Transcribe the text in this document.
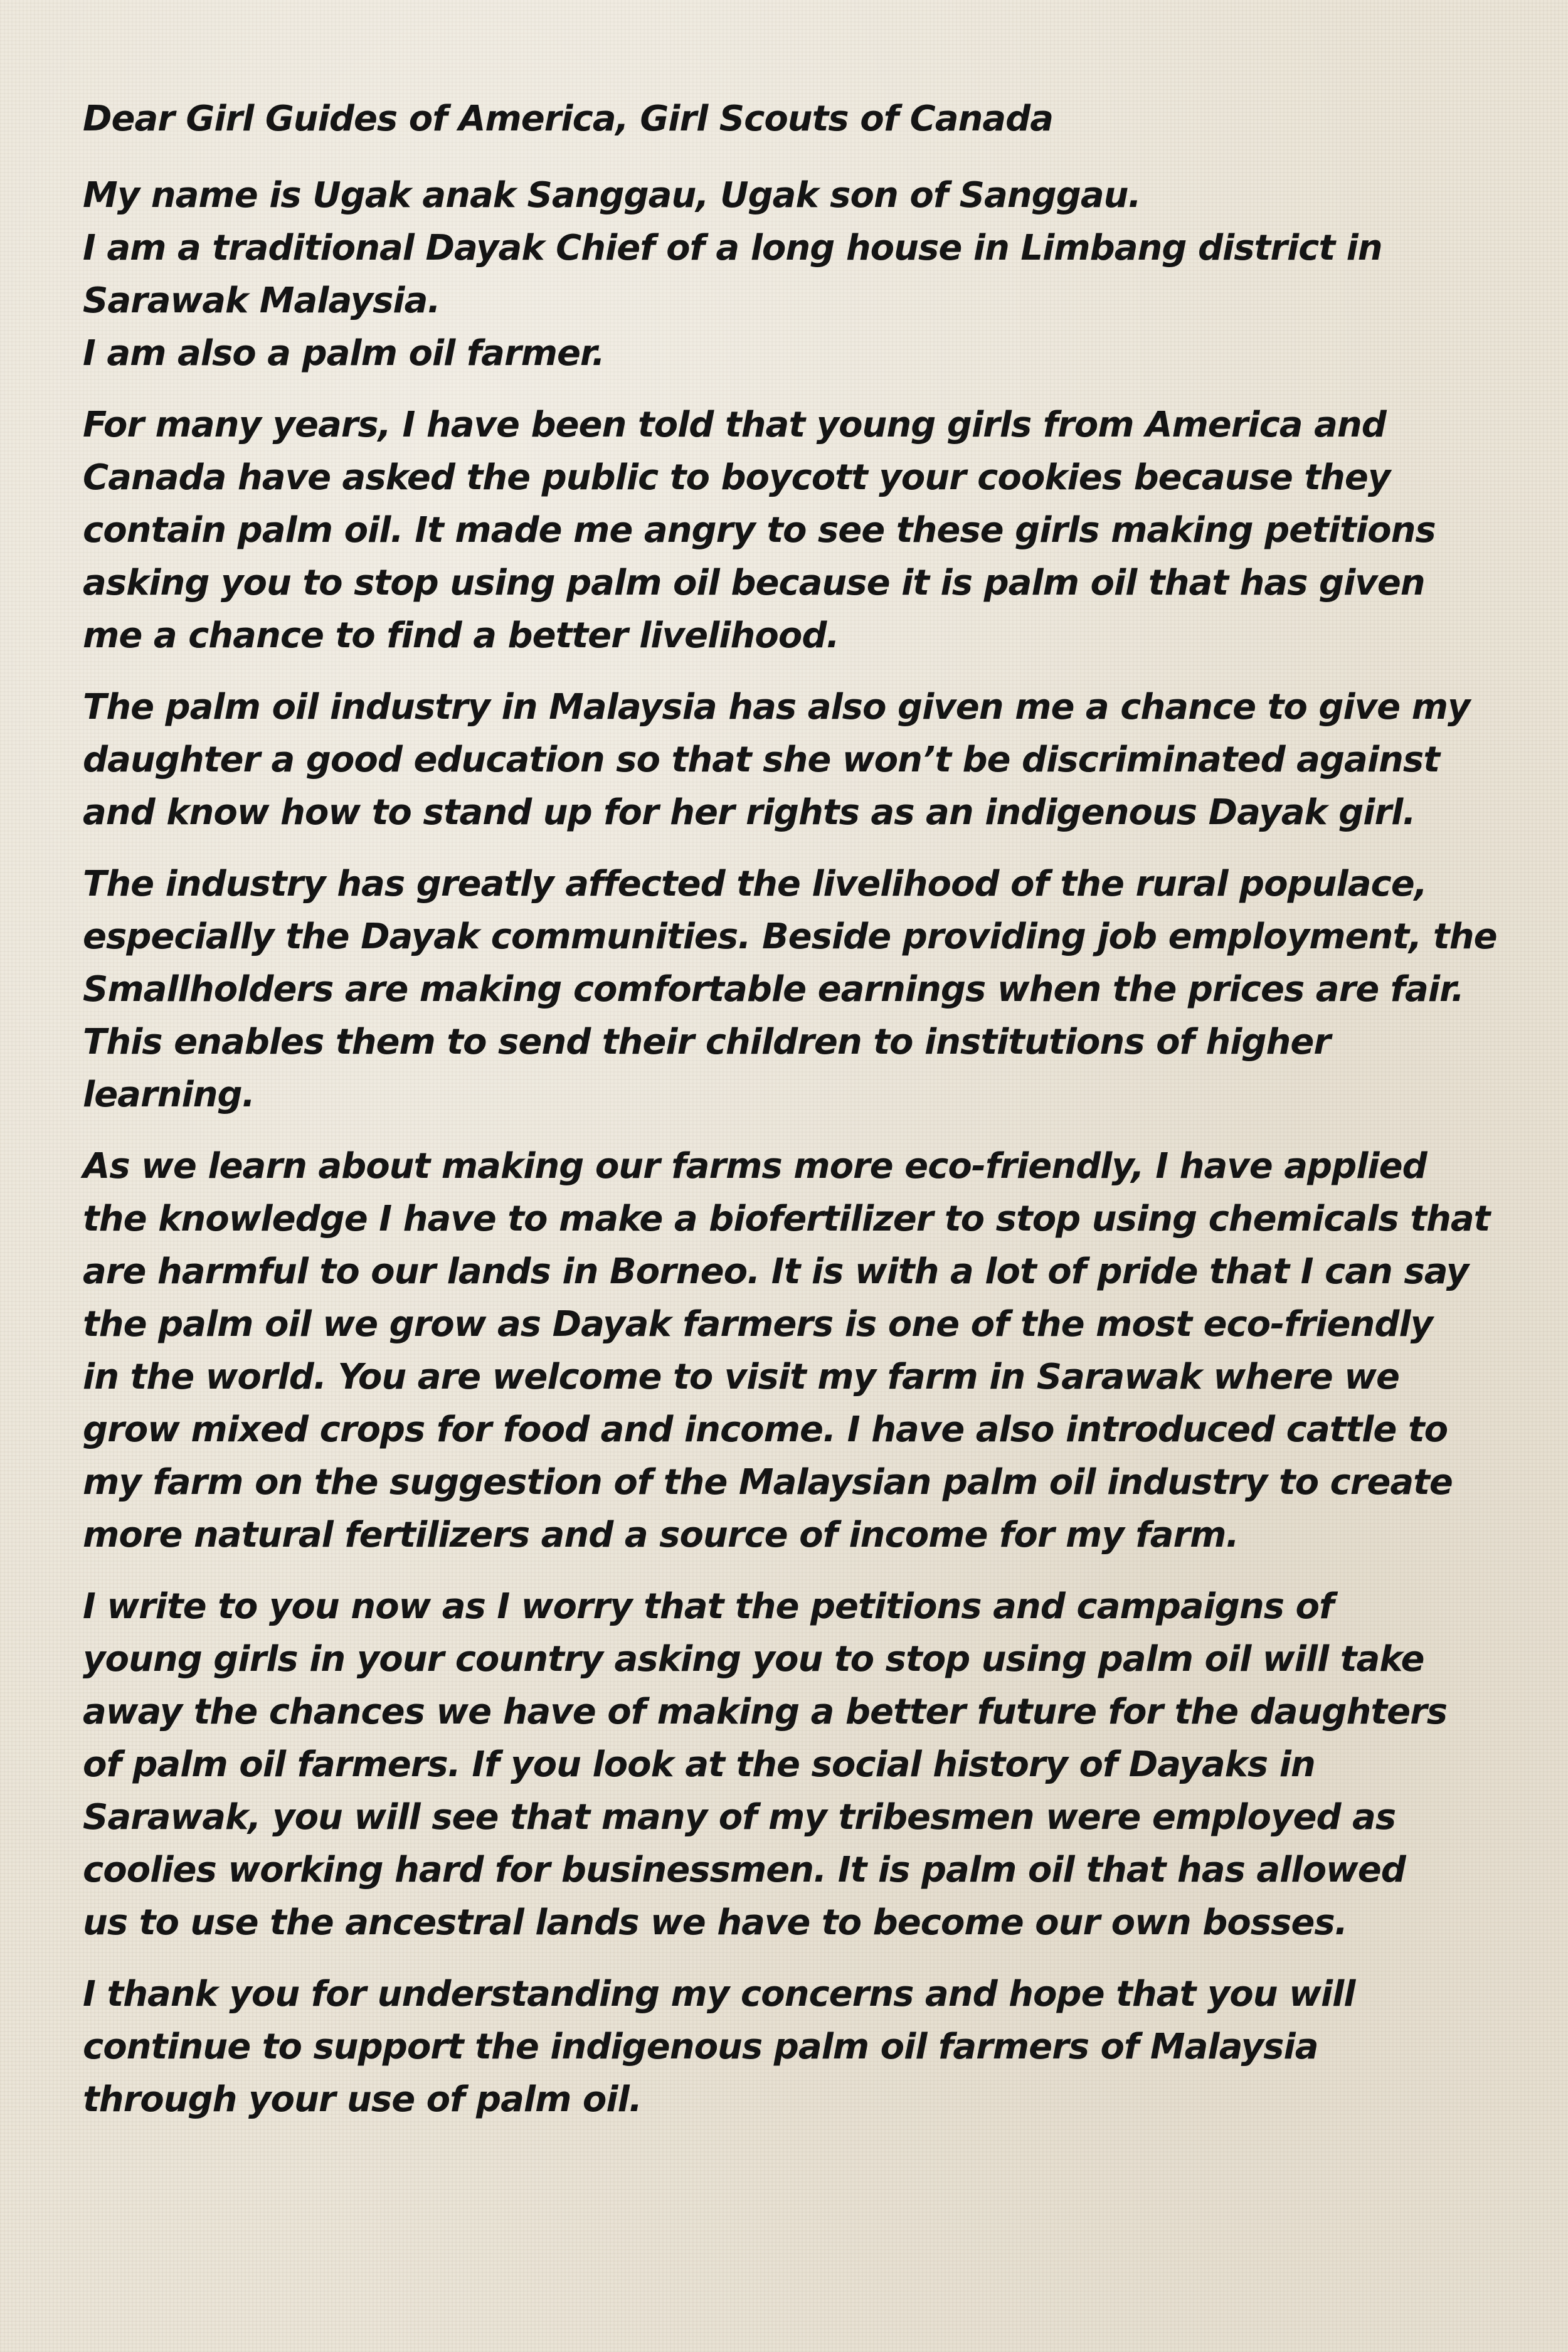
Dear Girl Guides of America, Girl Scouts of Canada

My name is Ugak anak Sanggau, Ugak son of Sanggau.
I am a traditional Dayak Chief of a long house in Limbang district in
Sarawak Malaysia.
I am also a palm oil farmer.

For many years, I have been told that young girls from America and
Canada have asked the public to boycott your cookies because they
contain palm oil. It made me angry to see these girls making petitions
asking you to stop using palm oil because it is palm oil that has given
me a chance to find a better livelihood.

The palm oil industry in Malaysia has also given me a chance to give my
daughter a good education so that she won’t be discriminated against
and know how to stand up for her rights as an indigenous Dayak girl.

The industry has greatly affected the livelihood of the rural populace,
especially the Dayak communities. Beside providing job employment, the
Smallholders are making comfortable earnings when the prices are fair.
This enables them to send their children to institutions of higher
learning.

As we learn about making our farms more eco-friendly, I have applied
the knowledge I have to make a biofertilizer to stop using chemicals that
are harmful to our lands in Borneo. It is with a lot of pride that I can say
the palm oil we grow as Dayak farmers is one of the most eco-friendly
in the world. You are welcome to visit my farm in Sarawak where we
grow mixed crops for food and income. I have also introduced cattle to
my farm on the suggestion of the Malaysian palm oil industry to create
more natural fertilizers and a source of income for my farm.

I write to you now as I worry that the petitions and campaigns of
young girls in your country asking you to stop using palm oil will take
away the chances we have of making a better future for the daughters
of palm oil farmers. If you look at the social history of Dayaks in
Sarawak, you will see that many of my tribesmen were employed as
coolies working hard for businessmen. It is palm oil that has allowed
us to use the ancestral lands we have to become our own bosses.

I thank you for understanding my concerns and hope that you will
continue to support the indigenous palm oil farmers of Malaysia
through your use of palm oil.
